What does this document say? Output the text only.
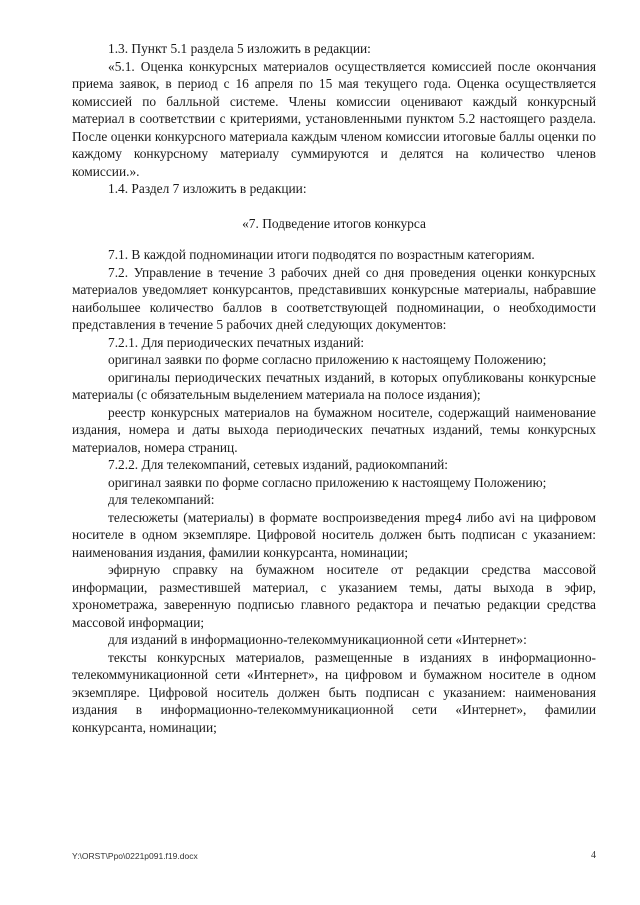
1.3. Пункт 5.1 раздела 5 изложить в редакции:

«5.1. Оценка конкурсных материалов осуществляется комиссией после окончания приема заявок, в период с 16 апреля по 15 мая текущего года. Оценка осуществляется комиссией по балльной системе. Члены комиссии оценивают каждый конкурсный материал в соответствии с критериями, установленными пунктом 5.2 настоящего раздела. После оценки конкурсного материала каждым членом комиссии итоговые баллы оценки по каждому конкурсному материалу суммируются и делятся на количество членов комиссии.».

1.4. Раздел 7 изложить в редакции:

«7. Подведение итогов конкурса

7.1. В каждой подноминации итоги подводятся по возрастным категориям.

7.2. Управление в течение 3 рабочих дней со дня проведения оценки конкурсных материалов уведомляет конкурсантов, представивших конкурсные материалы, набравшие наибольшее количество баллов в соответствующей подноминации, о необходимости представления в течение 5 рабочих дней следующих документов:

7.2.1. Для периодических печатных изданий:

оригинал заявки по форме согласно приложению к настоящему Положению;

оригиналы периодических печатных изданий, в которых опубликованы конкурсные материалы (с обязательным выделением материала на полосе издания);

реестр конкурсных материалов на бумажном носителе, содержащий наименование издания, номера и даты выхода периодических печатных изданий, темы конкурсных материалов, номера страниц.

7.2.2. Для телекомпаний, сетевых изданий, радиокомпаний:

оригинал заявки по форме согласно приложению к настоящему Положению;

для телекомпаний:

телесюжеты (материалы) в формате воспроизведения mpeg4 либо avi на цифровом носителе в одном экземпляре. Цифровой носитель должен быть подписан с указанием: наименования издания, фамилии конкурсанта, номинации;

эфирную справку на бумажном носителе от редакции средства массовой информации, разместившей материал, с указанием темы, даты выхода в эфир, хронометража, заверенную подписью главного редактора и печатью редакции средства массовой информации;

для изданий в информационно-телекоммуникационной сети «Интернет»:

тексты конкурсных материалов, размещенные в изданиях в информационно-телекоммуникационной сети «Интернет», на цифровом и бумажном носителе в одном экземпляре. Цифровой носитель должен быть подписан с указанием: наименования издания в информационно-телекоммуникационной сети «Интернет», фамилии конкурсанта, номинации;

Y:\ORST\Ppo\0221p091.f19.docx	4
